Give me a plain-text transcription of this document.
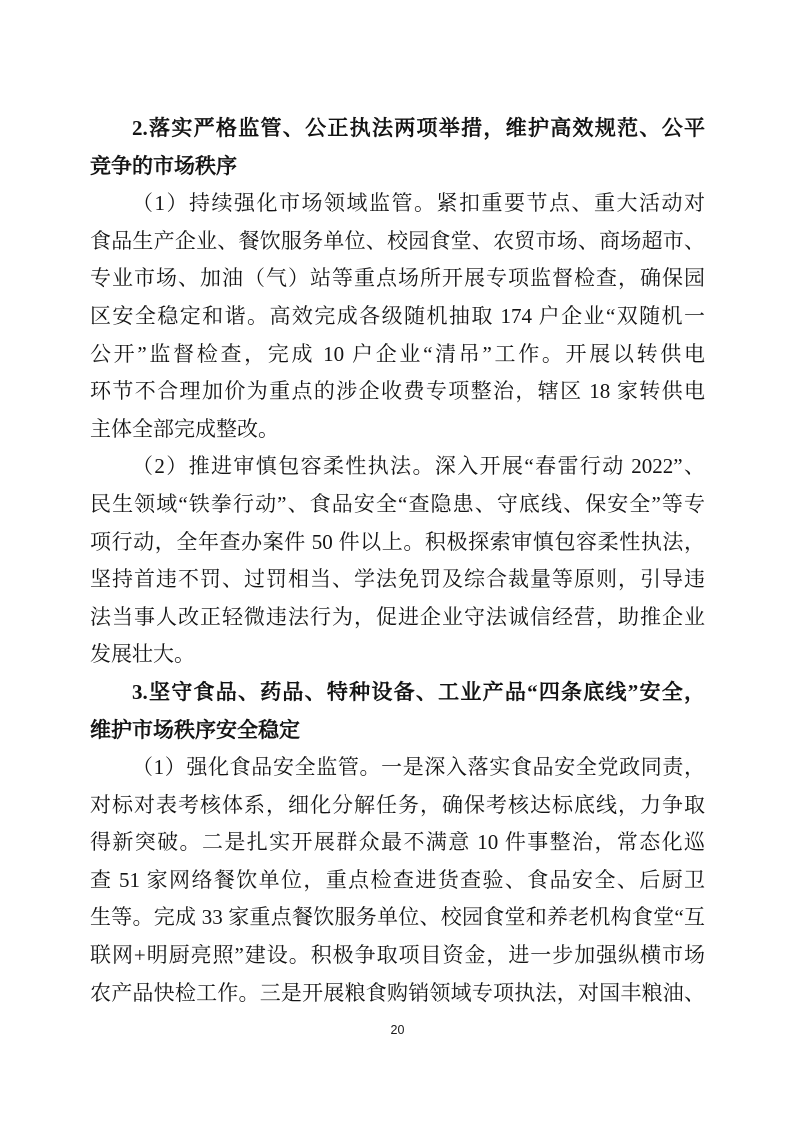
2.落实严格监管、公正执法两项举措，维护高效规范、公平
竞争的市场秩序
（1）持续强化市场领域监管。紧扣重要节点、重大活动对
食品生产企业、餐饮服务单位、校园食堂、农贸市场、商场超市、
专业市场、加油（气）站等重点场所开展专项监督检查，确保园
区安全稳定和谐。高效完成各级随机抽取 174 户企业“双随机一
公开”监督检查，完成 10 户企业“清吊”工作。开展以转供电
环节不合理加价为重点的涉企收费专项整治，辖区 18 家转供电
主体全部完成整改。
（2）推进审慎包容柔性执法。深入开展“春雷行动 2022”、
民生领域“铁拳行动”、食品安全“查隐患、守底线、保安全”等专
项行动，全年查办案件 50 件以上。积极探索审慎包容柔性执法，
坚持首违不罚、过罚相当、学法免罚及综合裁量等原则，引导违
法当事人改正轻微违法行为，促进企业守法诚信经营，助推企业
发展壮大。
3.坚守食品、药品、特种设备、工业产品“四条底线”安全，
维护市场秩序安全稳定
（1）强化食品安全监管。一是深入落实食品安全党政同责，
对标对表考核体系，细化分解任务，确保考核达标底线，力争取
得新突破。二是扎实开展群众最不满意 10 件事整治，常态化巡
查 51 家网络餐饮单位，重点检查进货查验、食品安全、后厨卫
生等。完成 33 家重点餐饮服务单位、校园食堂和养老机构食堂“互
联网+明厨亮照”建设。积极争取项目资金，进一步加强纵横市场
农产品快检工作。三是开展粮食购销领域专项执法，对国丰粮油、
20
